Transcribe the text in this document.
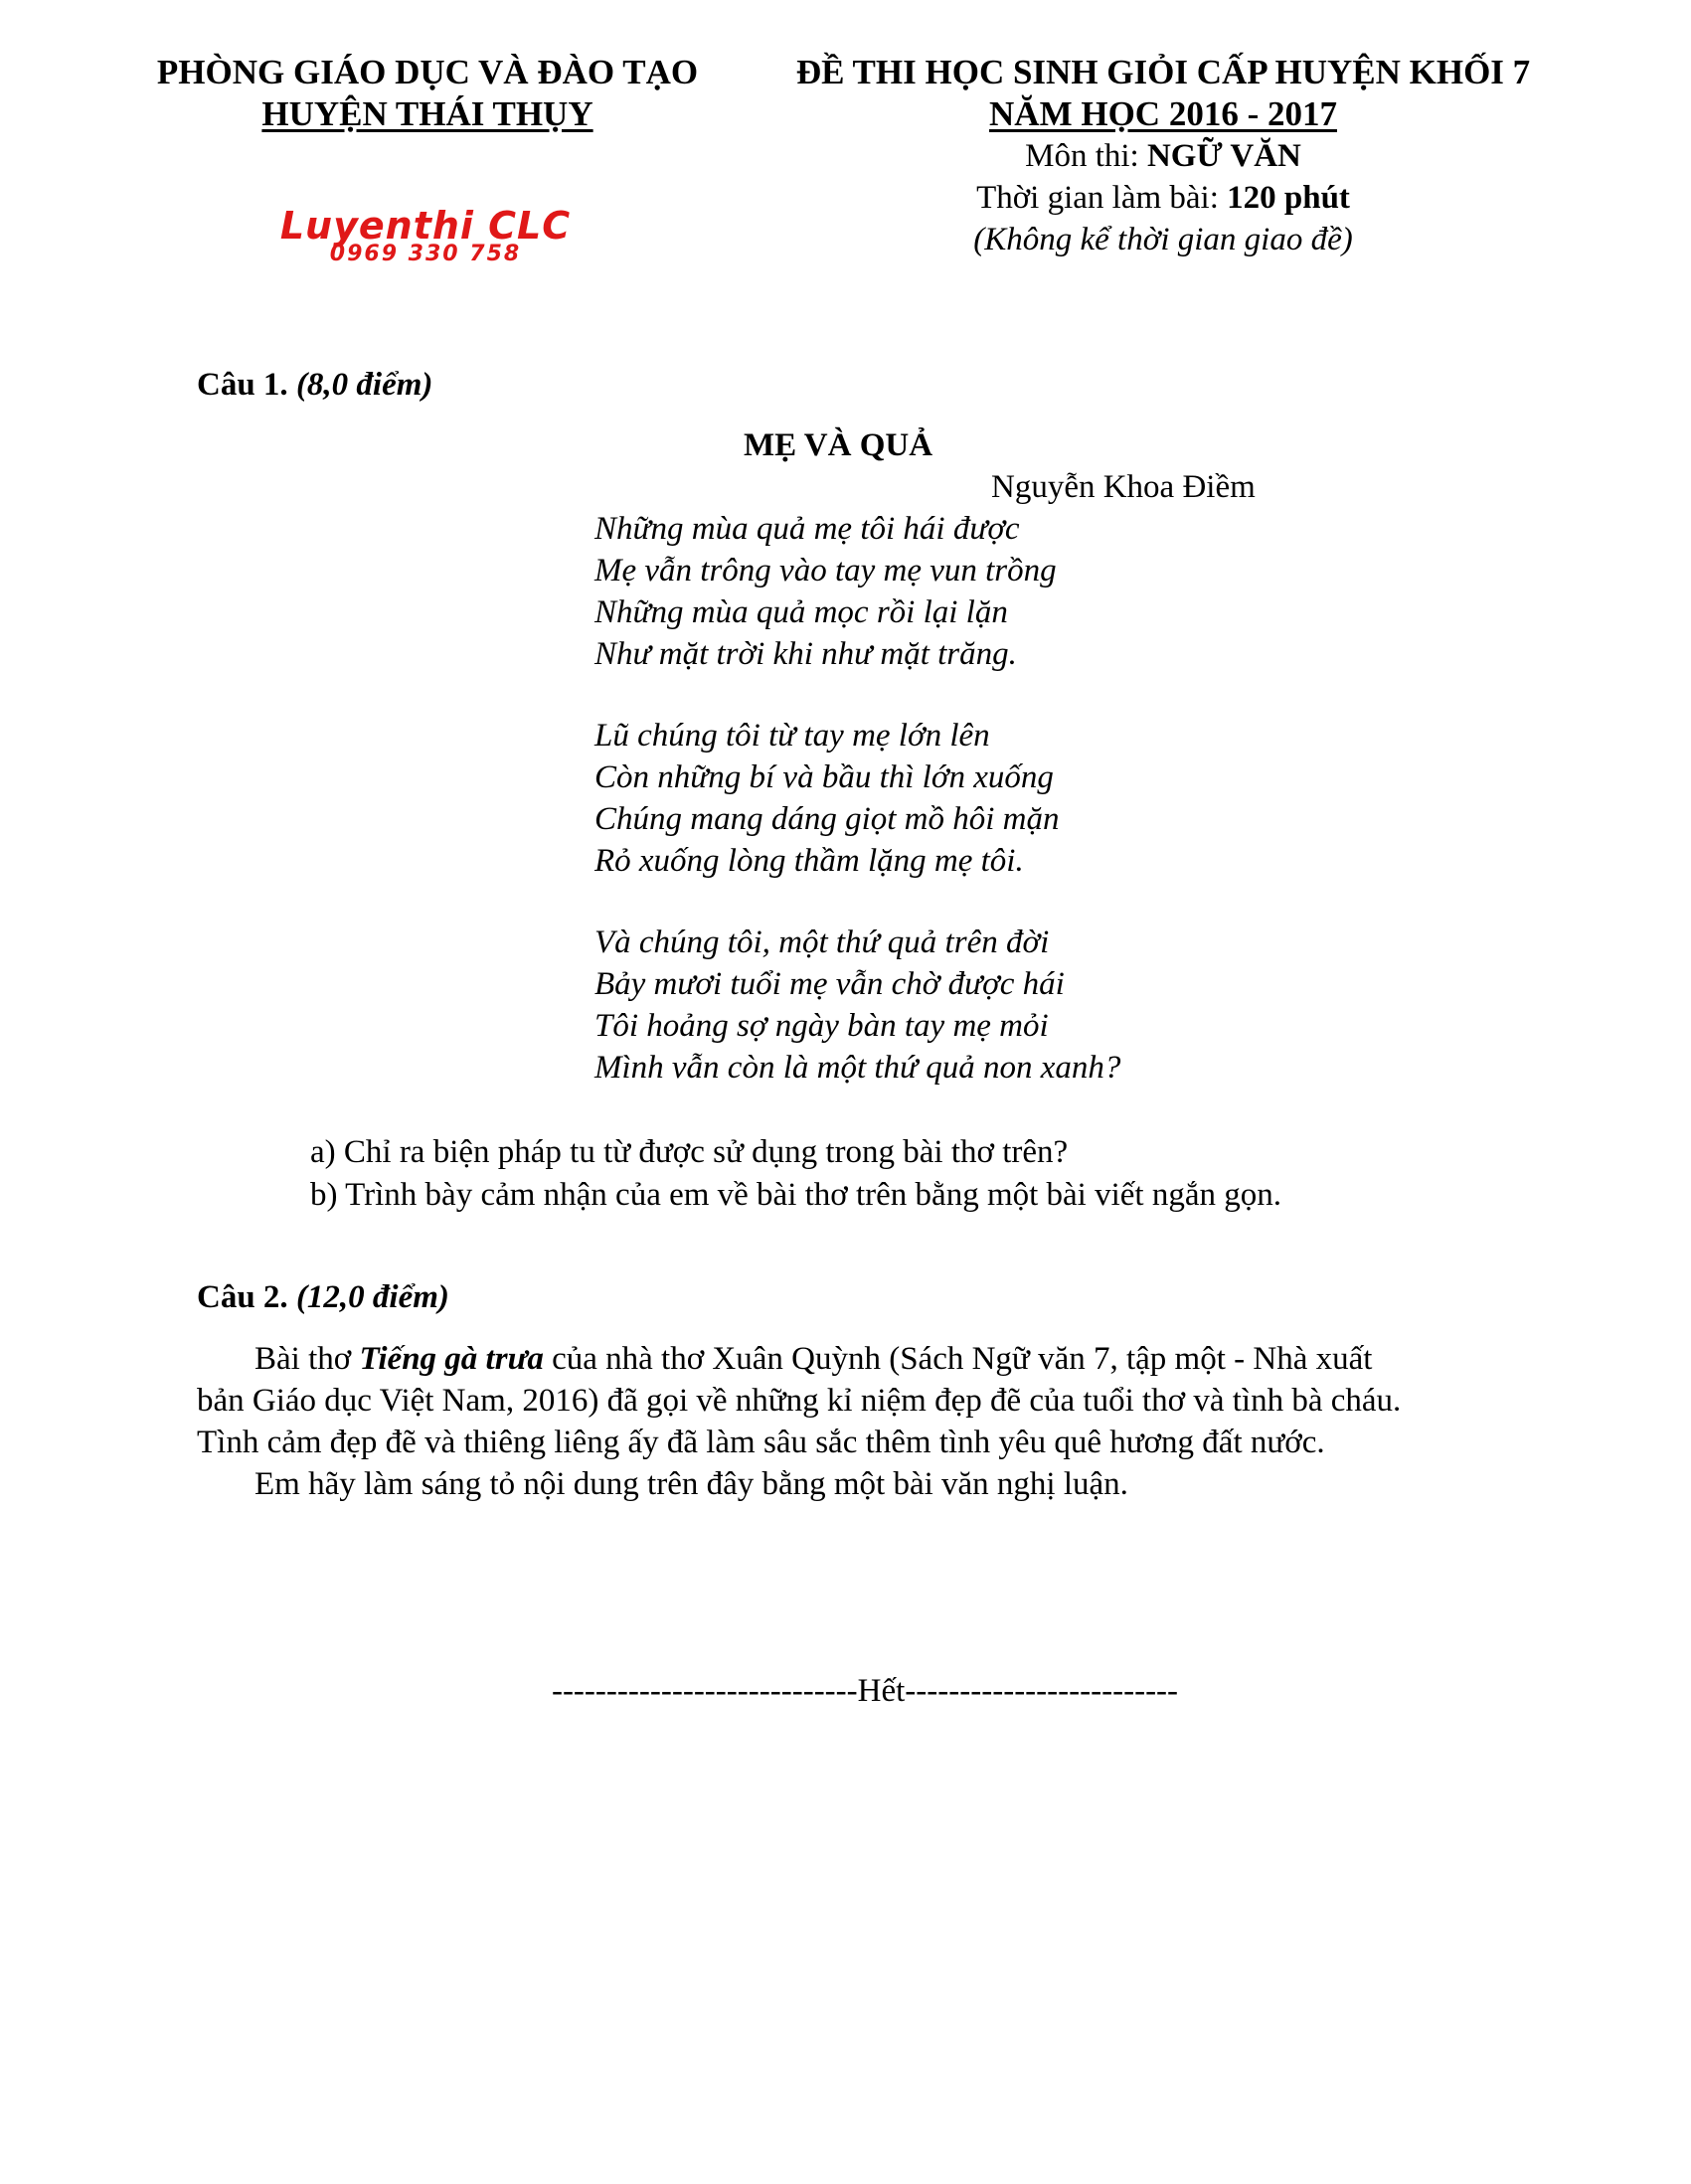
PHÒNG GIÁO DỤC VÀ ĐÀO TẠO
HUYỆN THÁI THỤY
Luyenthi CLC
0969 330 758
ĐỀ THI HỌC SINH GIỎI CẤP HUYỆN KHỐI 7
NĂM HỌC 2016 - 2017
Môn thi: NGỮ VĂN
Thời gian làm bài: 120 phút
(Không kể thời gian giao đề)
Câu 1. (8,0 điểm)
MẸ VÀ QUẢ
Nguyễn Khoa Điềm
Những mùa quả mẹ tôi hái được
Mẹ vẫn trông vào tay mẹ vun trồng
Những mùa quả mọc rồi lại lặn
Như mặt trời khi như mặt trăng.
Lũ chúng tôi từ tay mẹ lớn lên
Còn những bí và bầu thì lớn xuống
Chúng mang dáng giọt mồ hôi mặn
Rỏ xuống lòng thầm lặng mẹ tôi.
Và chúng tôi, một thứ quả trên đời
Bảy mươi tuổi mẹ vẫn chờ được hái
Tôi hoảng sợ ngày bàn tay mẹ mỏi
Mình vẫn còn là một thứ quả non xanh?
a) Chỉ ra biện pháp tu từ được sử dụng trong bài thơ trên?
b) Trình bày cảm nhận của em về bài thơ trên bằng một bài viết ngắn gọn.
Câu 2. (12,0 điểm)
Bài thơ Tiếng gà trưa của nhà thơ Xuân Quỳnh (Sách Ngữ văn 7, tập một - Nhà xuất
bản Giáo dục Việt Nam, 2016) đã gọi về những kỉ niệm đẹp đẽ của tuổi thơ và tình bà cháu.
Tình cảm đẹp đẽ và thiêng liêng ấy đã làm sâu sắc thêm tình yêu quê hương đất nước.
Em hãy làm sáng tỏ nội dung trên đây bằng một bài văn nghị luận.
----------------------------Hết-------------------------
